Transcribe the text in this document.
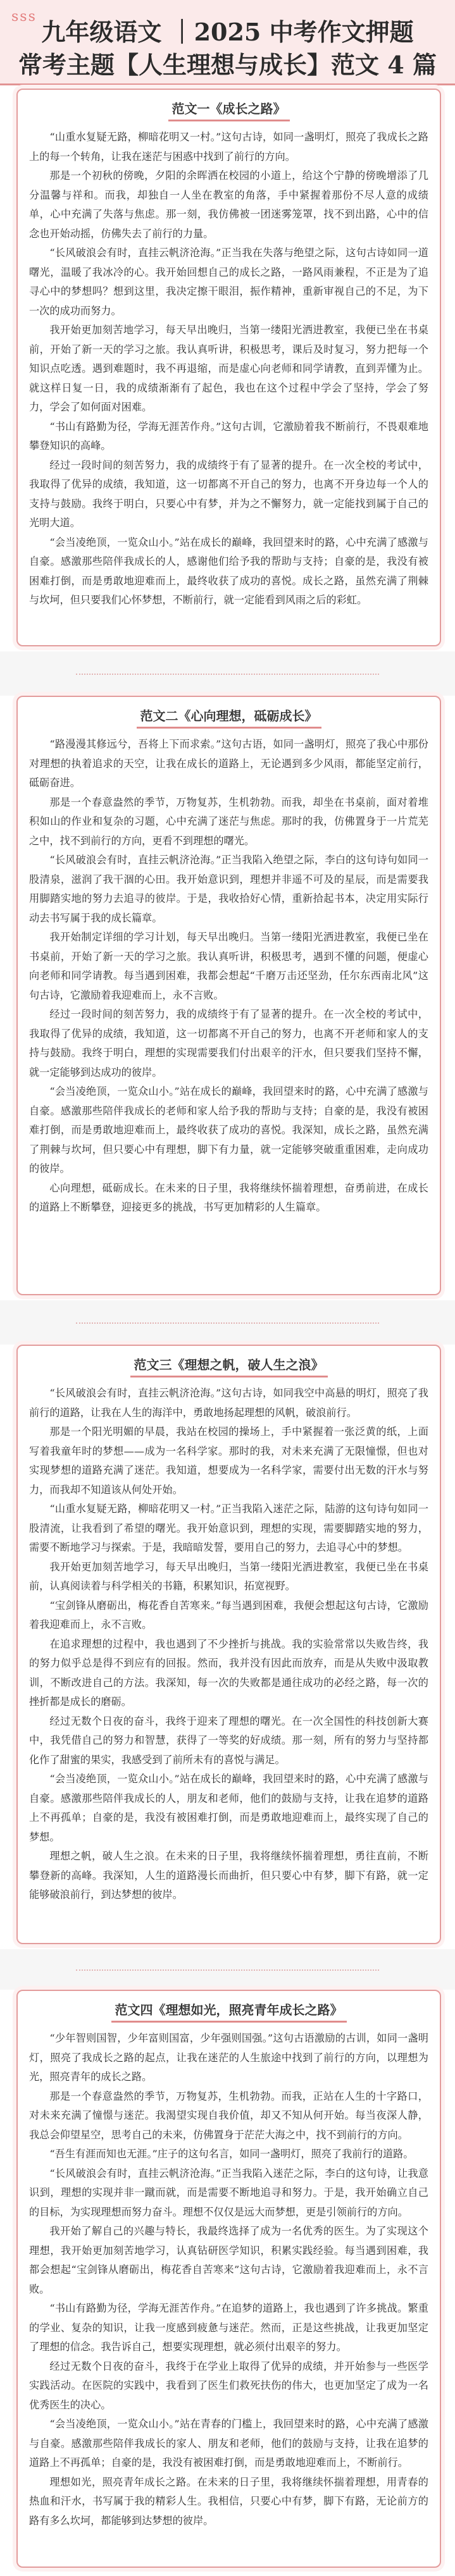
sss
九年级语文 ｜2025 中考作文押题
常考主题【人生理想与成长】范文 4 篇
范文一《成长之路》

“山重水复疑无路，柳暗花明又一村。”这句古诗，如同一盏明灯，照亮了我成长之路上的每一个转角，让我在迷茫与困惑中找到了前行的方向。

那是一个初秋的傍晚，夕阳的余晖洒在校园的小道上，给这个宁静的傍晚增添了几分温馨与祥和。而我，却独自一人坐在教室的角落，手中紧握着那份不尽人意的成绩单，心中充满了失落与焦虑。那一刻，我仿佛被一团迷雾笼罩，找不到出路，心中的信念也开始动摇，仿佛失去了前行的力量。

“长风破浪会有时，直挂云帆济沧海。”正当我在失落与绝望之际，这句古诗如同一道曙光，温暖了我冰冷的心。我开始回想自己的成长之路，一路风雨兼程，不正是为了追寻心中的梦想吗？想到这里，我决定擦干眼泪，振作精神，重新审视自己的不足，为下一次的成功而努力。

我开始更加刻苦地学习，每天早出晚归，当第一缕阳光洒进教室，我便已坐在书桌前，开始了新一天的学习之旅。我认真听讲，积极思考，课后及时复习，努力把每一个知识点吃透。遇到难题时，我不再退缩，而是虚心向老师和同学请教，直到弄懂为止。就这样日复一日，我的成绩渐渐有了起色，我也在这个过程中学会了坚持，学会了努力，学会了如何面对困难。

“书山有路勤为径，学海无涯苦作舟。”这句古训，它激励着我不断前行，不畏艰难地攀登知识的高峰。

经过一段时间的刻苦努力，我的成绩终于有了显著的提升。在一次全校的考试中，我取得了优异的成绩，我知道，这一切都离不开自己的努力，也离不开身边每一个人的支持与鼓励。我终于明白，只要心中有梦，并为之不懈努力，就一定能找到属于自己的光明大道。

“会当凌绝顶，一览众山小。”站在成长的巅峰，我回望来时的路，心中充满了感激与自豪。感激那些陪伴我成长的人，感谢他们给予我的帮助与支持；自豪的是，我没有被困难打倒，而是勇敢地迎难而上，最终收获了成功的喜悦。成长之路，虽然充满了荆棘与坎坷，但只要我们心怀梦想，不断前行，就一定能看到风雨之后的彩虹。

范文二《心向理想，砥砺成长》

“路漫漫其修远兮，吾将上下而求索。”这句古语，如同一盏明灯，照亮了我心中那份对理想的执着追求的天空，让我在成长的道路上，无论遇到多少风雨，都能坚定前行，砥砺奋进。

那是一个春意盎然的季节，万物复苏，生机勃勃。而我，却坐在书桌前，面对着堆积如山的作业和复杂的习题，心中充满了迷茫与焦虑。那时的我，仿佛置身于一片荒芜之中，找不到前行的方向，更看不到理想的曙光。

“长风破浪会有时，直挂云帆济沧海。”正当我陷入绝望之际，李白的这句诗句如同一股清泉，滋润了我干涸的心田。我开始意识到，理想并非遥不可及的星辰，而是需要我用脚踏实地的努力去追寻的彼岸。于是，我收拾好心情，重新拾起书本，决定用实际行动去书写属于我的成长篇章。

我开始制定详细的学习计划，每天早出晚归。当第一缕阳光洒进教室，我便已坐在书桌前，开始了新一天的学习之旅。我认真听讲，积极思考，遇到不懂的问题，便虚心向老师和同学请教。每当遇到困难，我都会想起“千磨万击还坚劲，任尔东西南北风”这句古诗，它激励着我迎难而上，永不言败。

经过一段时间的刻苦努力，我的成绩终于有了显著的提升。在一次全校的考试中，我取得了优异的成绩，我知道，这一切都离不开自己的努力，也离不开老师和家人的支持与鼓励。我终于明白，理想的实现需要我们付出艰辛的汗水，但只要我们坚持不懈，就一定能够到达成功的彼岸。

“会当凌绝顶，一览众山小。”站在成长的巅峰，我回望来时的路，心中充满了感激与自豪。感激那些陪伴我成长的老师和家人给予我的帮助与支持；自豪的是，我没有被困难打倒，而是勇敢地迎难而上，最终收获了成功的喜悦。我深知，成长之路，虽然充满了荆棘与坎坷，但只要心中有理想，脚下有力量，就一定能够突破重重困难，走向成功的彼岸。

心向理想，砥砺成长。在未来的日子里，我将继续怀揣着理想，奋勇前进，在成长的道路上不断攀登，迎接更多的挑战，书写更加精彩的人生篇章。

范文三《理想之帆，破人生之浪》

“长风破浪会有时，直挂云帆济沧海。”这句古诗，如同我空中高悬的明灯，照亮了我前行的道路，让我在人生的海洋中，勇敢地扬起理想的风帆，破浪前行。

那是一个阳光明媚的早晨，我站在校园的操场上，手中紧握着一张泛黄的纸，上面写着我童年时的梦想——成为一名科学家。那时的我，对未来充满了无限憧憬，但也对实现梦想的道路充满了迷茫。我知道，想要成为一名科学家，需要付出无数的汗水与努力，而我却不知道该从何处开始。

“山重水复疑无路，柳暗花明又一村。”正当我陷入迷茫之际，陆游的这句诗句如同一股清流，让我看到了希望的曙光。我开始意识到，理想的实现，需要脚踏实地的努力，需要不断地学习与探索。于是，我暗暗发誓，要用自己的努力，去追寻心中的梦想。

我开始更加刻苦地学习，每天早出晚归，当第一缕阳光洒进教室，我便已坐在书桌前，认真阅读着与科学相关的书籍，积累知识，拓宽视野。

“宝剑锋从磨砺出，梅花香自苦寒来。”每当遇到困难，我便会想起这句古诗，它激励着我迎难而上，永不言败。

在追求理想的过程中，我也遇到了不少挫折与挑战。我的实验常常以失败告终，我的努力似乎总是得不到应有的回报。然而，我并没有因此而放弃，而是从失败中汲取教训，不断改进自己的方法。我深知，每一次的失败都是通往成功的必经之路，每一次的挫折都是成长的磨砺。

经过无数个日夜的奋斗，我终于迎来了理想的曙光。在一次全国性的科技创新大赛中，我凭借自己的努力和智慧，获得了一等奖的好成绩。那一刻，所有的努力与坚持都化作了甜蜜的果实，我感受到了前所未有的喜悦与满足。

“会当凌绝顶，一览众山小。”站在成长的巅峰，我回望来时的路，心中充满了感激与自豪。感激那些陪伴我成长的人，朋友和老师，他们的鼓励与支持，让我在追梦的道路上不再孤单；自豪的是，我没有被困难打倒，而是勇敢地迎难而上，最终实现了自己的梦想。

理想之帆，破人生之浪。在未来的日子里，我将继续怀揣着理想，勇往直前，不断攀登新的高峰。我深知，人生的道路漫长而曲折，但只要心中有梦，脚下有路，就一定能够破浪前行，到达梦想的彼岸。

范文四《理想如光，照亮青年成长之路》

“少年智则国智，少年富则国富，少年强则国强。”这句古语激励的古训，如同一盏明灯，照亮了我成长之路的起点，让我在迷茫的人生旅途中找到了前行的方向，以理想为光，照亮青年的成长之路。

那是一个春意盎然的季节，万物复苏，生机勃勃。而我，正站在人生的十字路口，对未来充满了憧憬与迷茫。我渴望实现自我价值，却又不知从何开始。每当夜深人静，我总会仰望星空，思考自己的未来，仿佛置身于茫茫大海之中，找不到前行的方向。

“吾生有涯而知也无涯。”庄子的这句名言，如同一盏明灯，照亮了我前行的道路。

“长风破浪会有时，直挂云帆济沧海。”正当我陷入迷茫之际，李白的这句诗，让我意识到，理想的实现并非一蹴而就，而是需要不断地追寻和努力。于是，我开始确立自己的目标，为实现理想而努力奋斗。理想不仅仅是远大而梦想，更是引领前行的方向。

我开始了解自己的兴趣与特长，我最终选择了成为一名优秀的医生。为了实现这个理想，我开始更加刻苦地学习，认真钻研医学知识，积累实践经验。每当遇到困难，我都会想起“宝剑锋从磨砺出，梅花香自苦寒来”这句古诗，它激励着我迎难而上，永不言败。

“书山有路勤为径，学海无涯苦作舟。”在追梦的道路上，我也遇到了许多挑战。繁重的学业、复杂的知识，让我一度感到疲惫与迷茫。然而，正是这些挑战，让我更加坚定了理想的信念。我告诉自己，想要实现理想，就必须付出艰辛的努力。

经过无数个日夜的奋斗，我终于在学业上取得了优异的成绩，并开始参与一些医学实践活动。在医院的实践中，我看到了医生们救死扶伤的伟大，也更加坚定了成为一名优秀医生的决心。

“会当凌绝顶，一览众山小。”站在青春的门槛上，我回望来时的路，心中充满了感激与自豪。感激那些陪伴我成长的家人、朋友和老师，他们的鼓励与支持，让我在追梦的道路上不再孤单；自豪的是，我没有被困难打倒，而是勇敢地迎难而上，不断前行。

理想如光，照亮青年成长之路。在未来的日子里，我将继续怀揣着理想，用青春的热血和汗水，书写属于我的精彩人生。我相信，只要心中有梦，脚下有路，无论前方的路有多么坎坷，都能够到达梦想的彼岸。
